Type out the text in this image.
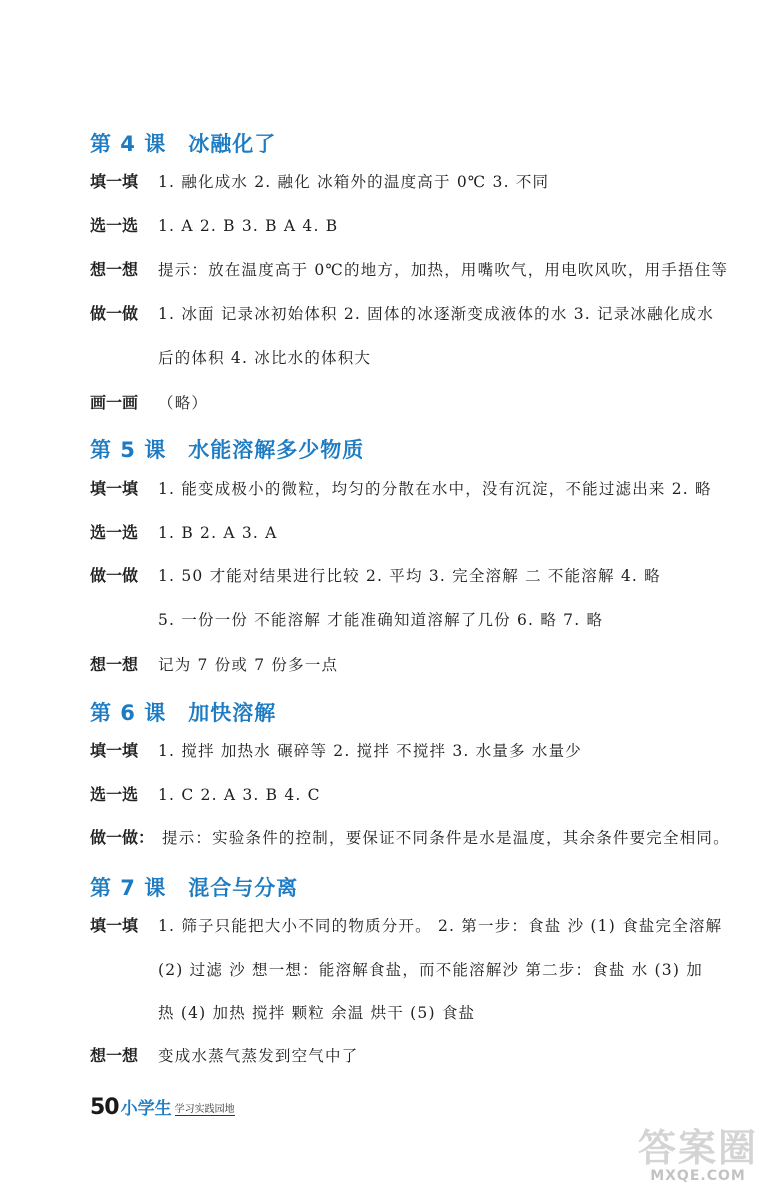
第 4 课 冰融化了
填一填 1. 融化成水 2. 融化 冰箱外的温度高于 0℃ 3. 不同
选一选 1. A 2. B 3. B A 4. B
想一想 提示：放在温度高于 0℃的地方，加热，用嘴吹气，用电吹风吹，用手捂住等
做一做 1. 冰面 记录冰初始体积 2. 固体的冰逐渐变成液体的水 3. 记录冰融化成水
后的体积 4. 冰比水的体积大
画一画 （略）
第 5 课 水能溶解多少物质
填一填 1. 能变成极小的微粒，均匀的分散在水中，没有沉淀，不能过滤出来 2. 略
选一选 1. B 2. A 3. A
做一做 1. 50 才能对结果进行比较 2. 平均 3. 完全溶解 二 不能溶解 4. 略
5. 一份一份 不能溶解 才能准确知道溶解了几份 6. 略 7. 略
想一想 记为 7 份或 7 份多一点
第 6 课 加快溶解
填一填 1. 搅拌 加热水 碾碎等 2. 搅拌 不搅拌 3. 水量多 水量少
选一选 1. C 2. A 3. B 4. C
做一做： 提示：实验条件的控制，要保证不同条件是水是温度，其余条件要完全相同。
第 7 课 混合与分离
填一填 1. 筛子只能把大小不同的物质分开。 2. 第一步：食盐 沙 (1) 食盐完全溶解
(2) 过滤 沙 想一想：能溶解食盐，而不能溶解沙 第二步：食盐 水 (3) 加
热 (4) 加热 搅拌 颗粒 余温 烘干 (5) 食盐
想一想 变成水蒸气蒸发到空气中了
50 小学生 学习实践园地
答案圈
MXQE.COM
